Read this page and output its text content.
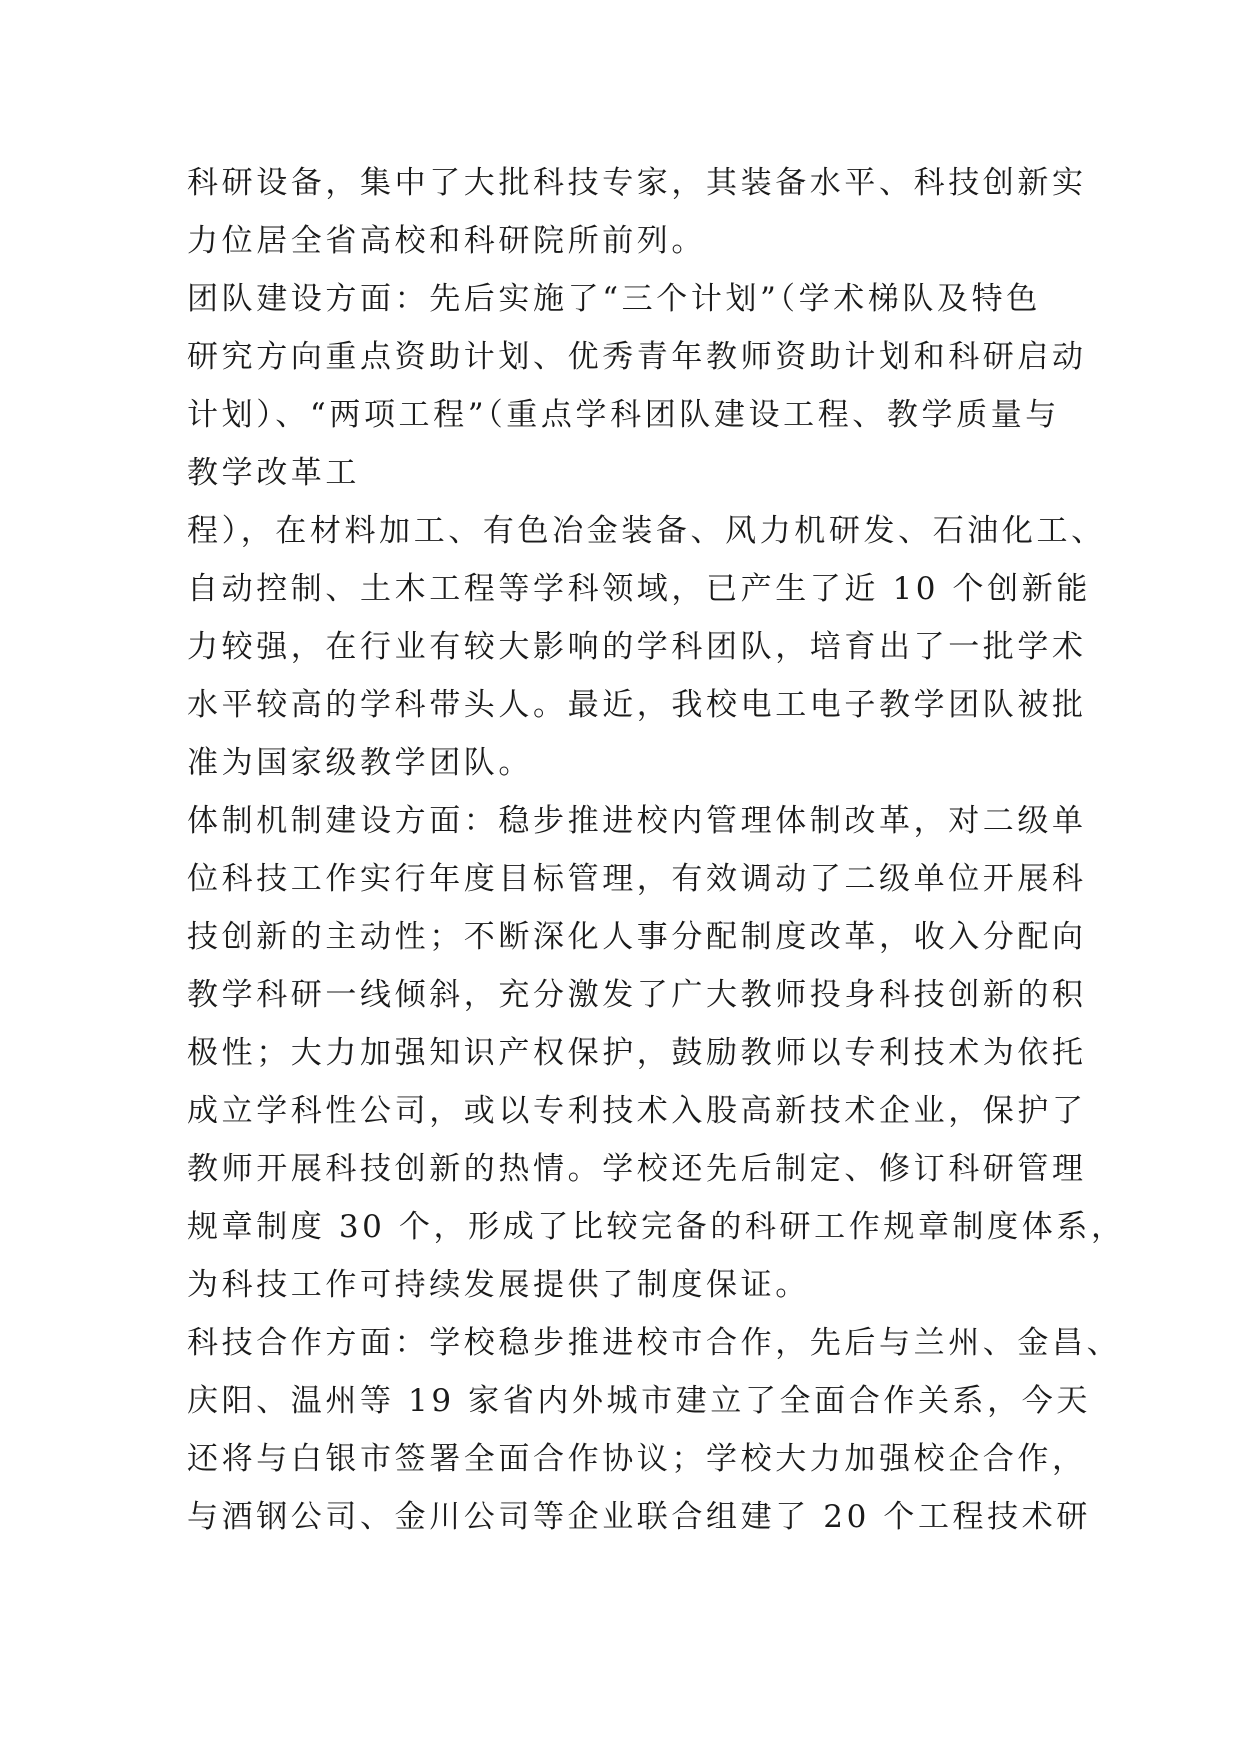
科研设备，集中了大批科技专家，其装备水平、科技创新实
力位居全省高校和科研院所前列。
团队建设方面：先后实施了“三个计划”（学术梯队及特色
研究方向重点资助计划、优秀青年教师资助计划和科研启动
计划）、“两项工程”（重点学科团队建设工程、教学质量与
教学改革工
程），在材料加工、有色冶金装备、风力机研发、石油化工、
自动控制、土木工程等学科领域，已产生了近 10 个创新能
力较强，在行业有较大影响的学科团队，培育出了一批学术
水平较高的学科带头人。最近，我校电工电子教学团队被批
准为国家级教学团队。
体制机制建设方面：稳步推进校内管理体制改革，对二级单
位科技工作实行年度目标管理，有效调动了二级单位开展科
技创新的主动性；不断深化人事分配制度改革，收入分配向
教学科研一线倾斜，充分激发了广大教师投身科技创新的积
极性；大力加强知识产权保护，鼓励教师以专利技术为依托
成立学科性公司，或以专利技术入股高新技术企业，保护了
教师开展科技创新的热情。学校还先后制定、修订科研管理
规章制度 30 个，形成了比较完备的科研工作规章制度体系，
为科技工作可持续发展提供了制度保证。
科技合作方面：学校稳步推进校市合作，先后与兰州、金昌、
庆阳、温州等 19 家省内外城市建立了全面合作关系，今天
还将与白银市签署全面合作协议；学校大力加强校企合作，
与酒钢公司、金川公司等企业联合组建了 20 个工程技术研
